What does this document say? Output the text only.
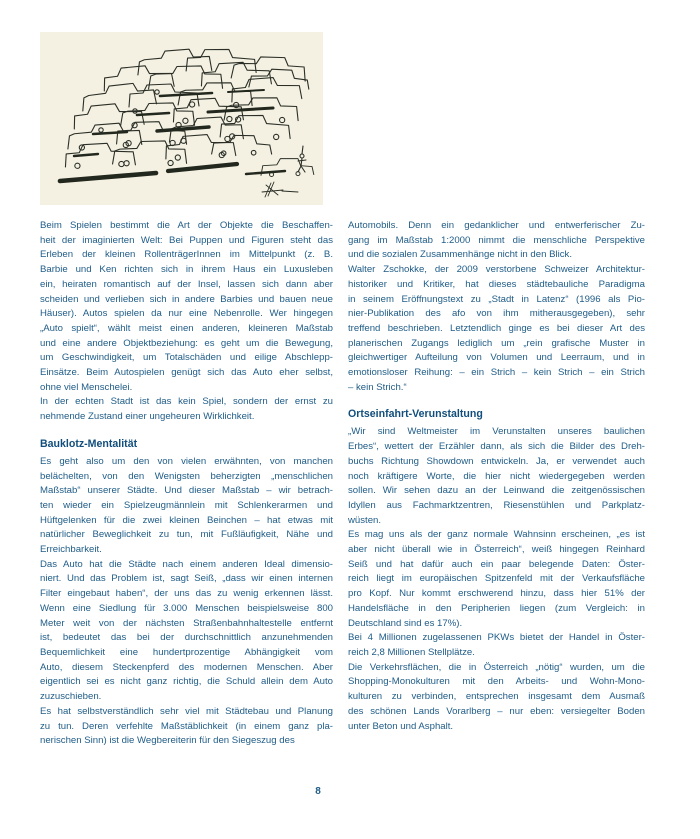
Beim Spielen bestimmt die Art der Objekte die Beschaffen-
heit der imaginierten Welt: Bei Puppen und Figuren steht das
Erleben der kleinen RollenträgerInnen im Mittelpunkt (z. B.
Barbie und Ken richten sich in ihrem Haus ein Luxusleben
ein, heiraten romantisch auf der Insel, lassen sich dann aber
scheiden und verlieben sich in andere Barbies und bauen neue
Häuser). Autos spielen da nur eine Nebenrolle. Wer hingegen
„Auto spielt“, wählt meist einen anderen, kleineren Maßstab
und eine andere Objektbeziehung: es geht um die Bewegung,
um Geschwindigkeit, um Totalschäden und eilige Abschlepp-
Einsätze. Beim Autospielen genügt sich das Auto eher selbst,
ohne viel Menschelei.
In der echten Stadt ist das kein Spiel, sondern der ernst zu
nehmende Zustand einer ungeheuren Wirklichkeit.
Bauklotz-Mentalität
Es geht also um den von vielen erwähnten, von manchen
belächelten, von den Wenigsten beherzigten „menschlichen
Maßstab“ unserer Städte. Und dieser Maßstab – wir betrach-
ten wieder ein Spielzeugmännlein mit Schlenkerarmen und
Hüftgelenken für die zwei kleinen Beinchen – hat etwas mit
natürlicher Beweglichkeit zu tun, mit Fußläufigkeit, Nähe und
Erreichbarkeit.
Das Auto hat die Städte nach einem anderen Ideal dimensio-
niert. Und das Problem ist, sagt Seiß, „dass wir einen internen
Filter eingebaut haben“, der uns das zu wenig erkennen lässt.
Wenn eine Siedlung für 3.000 Menschen beispielsweise 800
Meter weit von der nächsten Straßenbahnhaltestelle entfernt
ist, bedeutet das bei der durchschnittlich anzunehmenden
Bequemlichkeit eine hundertprozentige Abhängigkeit vom
Auto, diesem Steckenpferd des modernen Menschen. Aber
eigentlich sei es nicht ganz richtig, die Schuld allein dem Auto
zuzuschieben.
Es hat selbstverständlich sehr viel mit Städtebau und Planung
zu tun. Deren verfehlte Maßstäblichkeit (in einem ganz pla-
nerischen Sinn) ist die Wegbereiterin für den Siegeszug des
Automobils. Denn ein gedanklicher und entwerferischer Zu-
gang im Maßstab 1:2000 nimmt die menschliche Perspektive
und die sozialen Zusammenhänge nicht in den Blick.
Walter Zschokke, der 2009 verstorbene Schweizer Architektur-
historiker und Kritiker, hat dieses städtebauliche Paradigma
in seinem Eröffnungstext zu „Stadt in Latenz“ (1996 als Pio-
nier-Publikation des afo von ihm mitherausgegeben), sehr
treffend beschrieben. Letztendlich ginge es bei dieser Art des
planerischen Zugangs lediglich um „rein grafische Muster in
gleichwertiger Aufteilung von Volumen und Leerraum, und in
emotionsloser Reihung: – ein Strich – kein Strich – ein Strich
– kein Strich.“
Ortseinfahrt-Verunstaltung
„Wir sind Weltmeister im Verunstalten unseres baulichen
Erbes“, wettert der Erzähler dann, als sich die Bilder des Dreh-
buchs Richtung Showdown entwickeln. Ja, er verwendet auch
noch kräftigere Worte, die hier nicht wiedergegeben werden
sollen. Wir sehen dazu an der Leinwand die zeitgenössischen
Idyllen aus Fachmarktzentren, Riesenstühlen und Parkplatz-
wüsten.
Es mag uns als der ganz normale Wahnsinn erscheinen, „es ist
aber nicht überall wie in Österreich“, weiß hingegen Reinhard
Seiß und hat dafür auch ein paar belegende Daten: Öster-
reich liegt im europäischen Spitzenfeld mit der Verkaufsfläche
pro Kopf. Nur kommt erschwerend hinzu, dass hier 51% der
Handelsfläche in den Peripherien liegen (zum Vergleich: in
Deutschland sind es 17%).
Bei 4 Millionen zugelassenen PKWs bietet der Handel in Öster-
reich 2,8 Millionen Stellplätze.
Die Verkehrsflächen, die in Österreich „nötig“ wurden, um die
Shopping-Monokulturen mit den Arbeits- und Wohn-Mono-
kulturen zu verbinden, entsprechen insgesamt dem Ausmaß
des schönen Lands Vorarlberg – nur eben: versiegelter Boden
unter Beton und Asphalt.
8
